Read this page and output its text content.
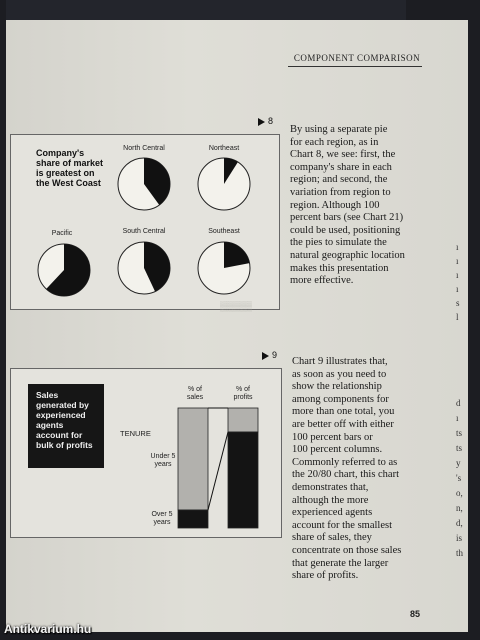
COMPONENT COMPARISON
8
Company's share of market is greatest on the West Coast
North Central	Northeast
Pacific	South Central	Southeast
▒▒▒▒▒
By using a separate pie
for each region, as in
Chart 8, we see: first, the
company's share in each
region; and second, the
variation from region to
region. Although 100
percent bars (see Chart 21)
could be used, positioning
the pies to simulate the
natural geographic location
makes this presentation
more effective.
9
Sales generated by experienced agents account for bulk of profits
% of sales
% of profits
TENURE
Under 5 years
Over 5 years
Chart 9 illustrates that,
as soon as you need to
show the relationship
among components for
more than one total, you
are better off with either
100 percent bars or
100 percent columns.
Commonly referred to as
the 20/80 chart, this chart
demonstrates that,
although the more
experienced agents
account for the smallest
share of sales, they
concentrate on those sales
that generate the larger
share of profits.
ı
ı
ı
ı
s
l
d
ı
ts
ts
y
's
o,
n,
d,
is
th
85
Antikvarium.hu
